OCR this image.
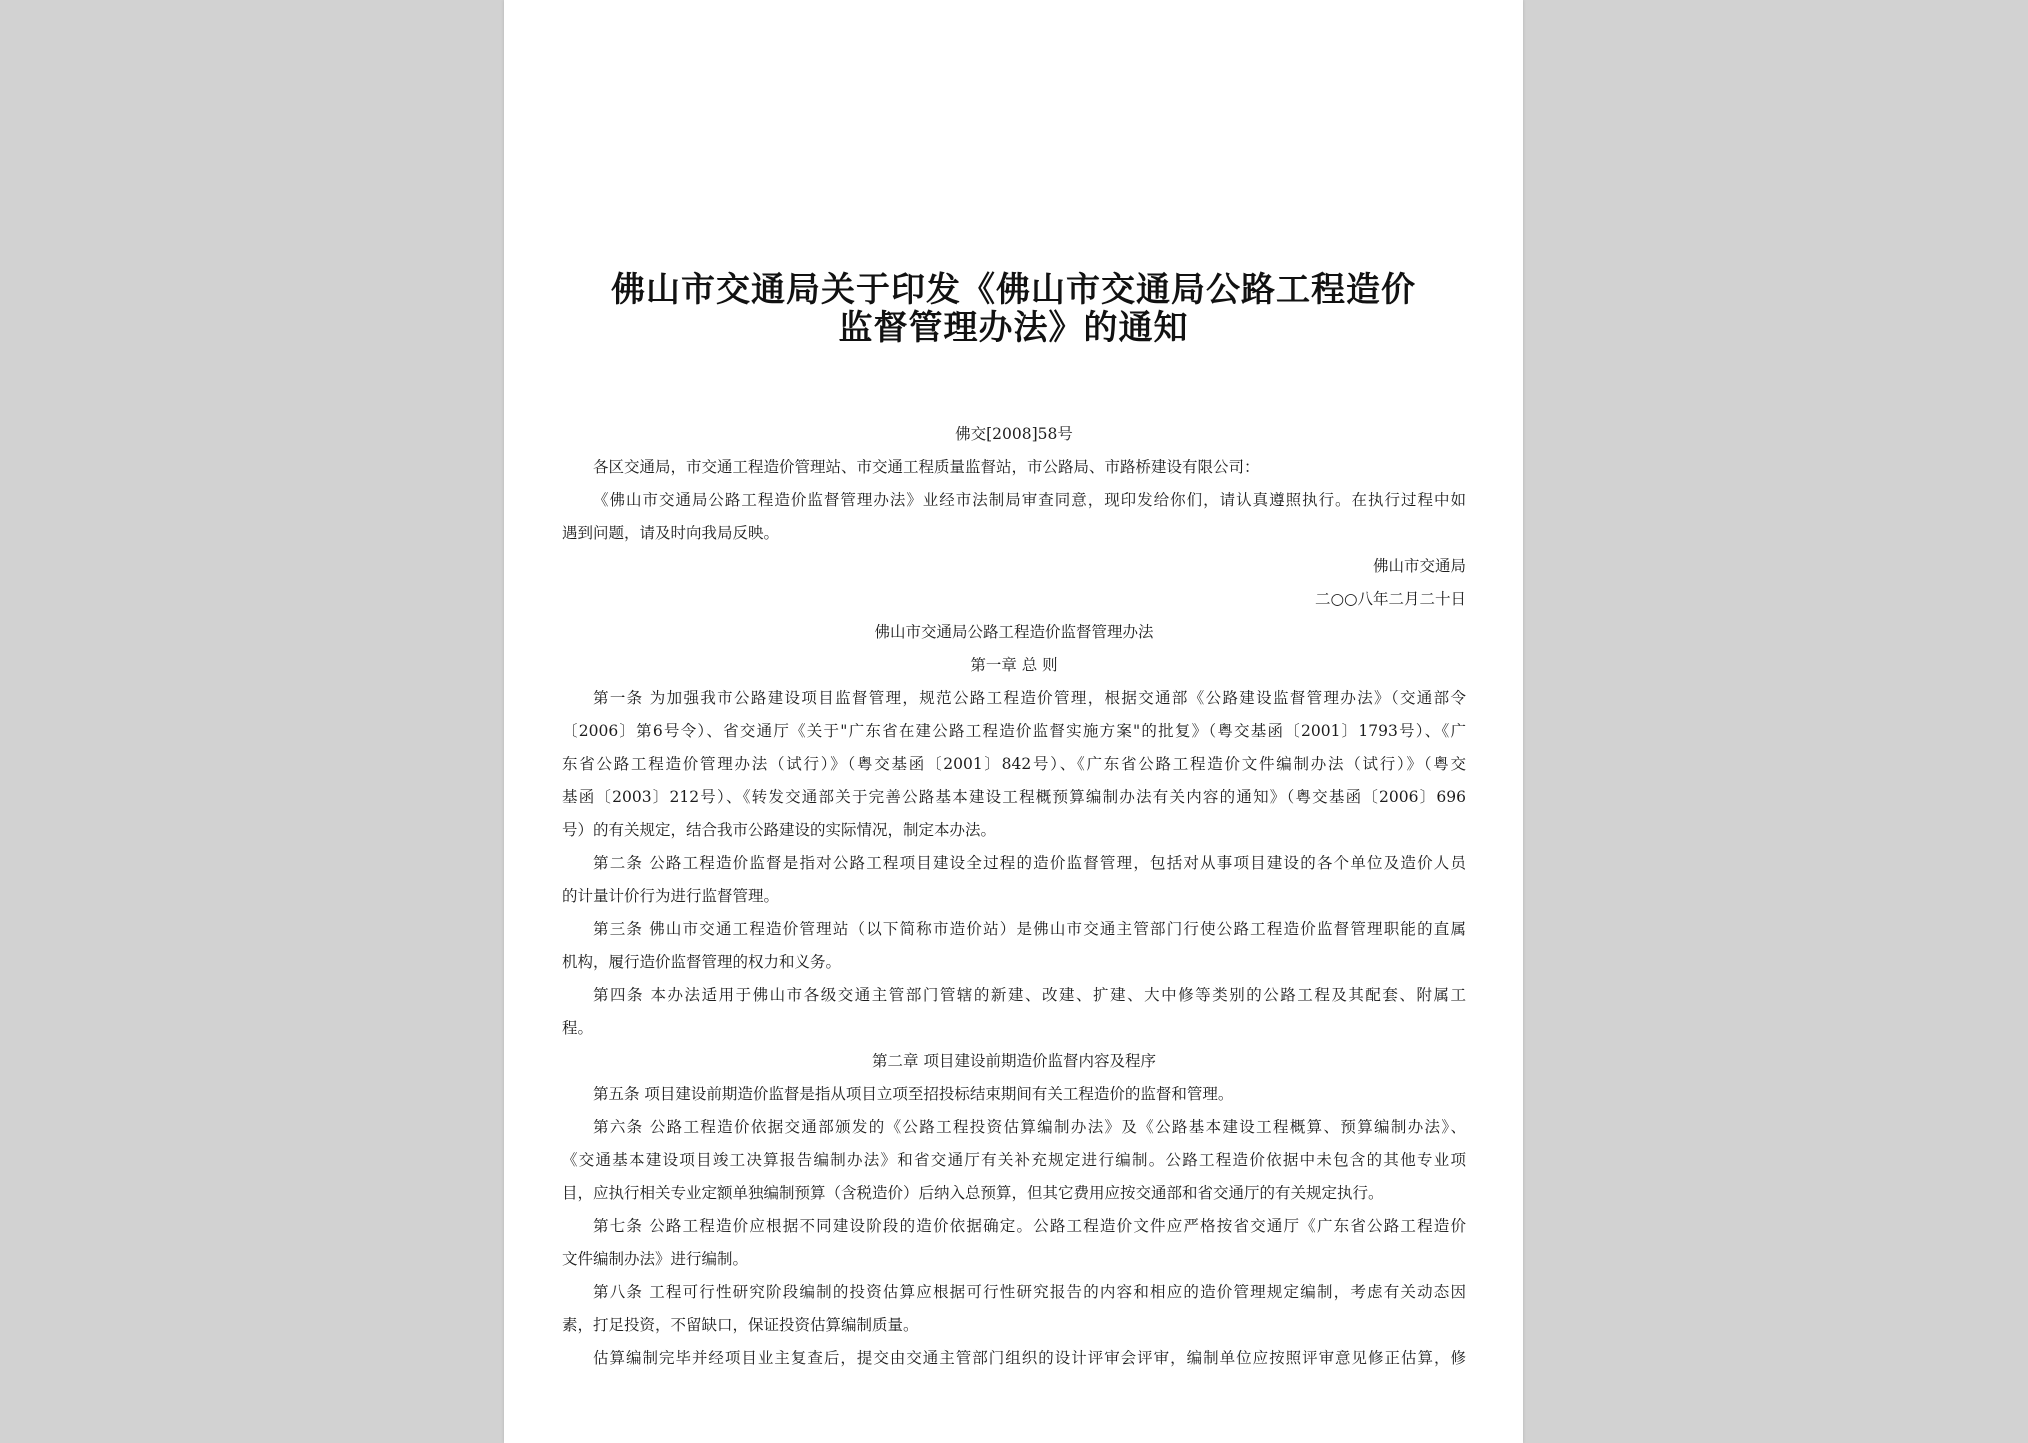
佛山市交通局关于印发《佛山市交通局公路工程造价
监督管理办法》的通知
佛交[2008]58号
各区交通局，市交通工程造价管理站、市交通工程质量监督站，市公路局、市路桥建设有限公司：
《佛山市交通局公路工程造价监督管理办法》业经市法制局审查同意，现印发给你们，请认真遵照执行。在执行过程中如
遇到问题，请及时向我局反映。
佛山市交通局
二○○八年二月二十日
佛山市交通局公路工程造价监督管理办法
第一章 总 则
第一条 为加强我市公路建设项目监督管理，规范公路工程造价管理，根据交通部《公路建设监督管理办法》（交通部令
〔2006〕第6号令）、省交通厅《关于"广东省在建公路工程造价监督实施方案"的批复》（粤交基函〔2001〕1793号）、《广
东省公路工程造价管理办法（试行）》（粤交基函〔2001〕842号）、《广东省公路工程造价文件编制办法（试行）》（粤交
基函〔2003〕212号）、《转发交通部关于完善公路基本建设工程概预算编制办法有关内容的通知》（粤交基函〔2006〕696
号）的有关规定，结合我市公路建设的实际情况，制定本办法。
第二条 公路工程造价监督是指对公路工程项目建设全过程的造价监督管理，包括对从事项目建设的各个单位及造价人员
的计量计价行为进行监督管理。
第三条 佛山市交通工程造价管理站（以下简称市造价站）是佛山市交通主管部门行使公路工程造价监督管理职能的直属
机构，履行造价监督管理的权力和义务。
第四条 本办法适用于佛山市各级交通主管部门管辖的新建、改建、扩建、大中修等类别的公路工程及其配套、附属工
程。
第二章 项目建设前期造价监督内容及程序
第五条 项目建设前期造价监督是指从项目立项至招投标结束期间有关工程造价的监督和管理。
第六条 公路工程造价依据交通部颁发的《公路工程投资估算编制办法》及《公路基本建设工程概算、预算编制办法》、
《交通基本建设项目竣工决算报告编制办法》和省交通厅有关补充规定进行编制。公路工程造价依据中未包含的其他专业项
目，应执行相关专业定额单独编制预算（含税造价）后纳入总预算，但其它费用应按交通部和省交通厅的有关规定执行。
第七条 公路工程造价应根据不同建设阶段的造价依据确定。公路工程造价文件应严格按省交通厅《广东省公路工程造价
文件编制办法》进行编制。
第八条 工程可行性研究阶段编制的投资估算应根据可行性研究报告的内容和相应的造价管理规定编制，考虑有关动态因
素，打足投资，不留缺口，保证投资估算编制质量。
估算编制完毕并经项目业主复查后，提交由交通主管部门组织的设计评审会评审，编制单位应按照评审意见修正估算，修
